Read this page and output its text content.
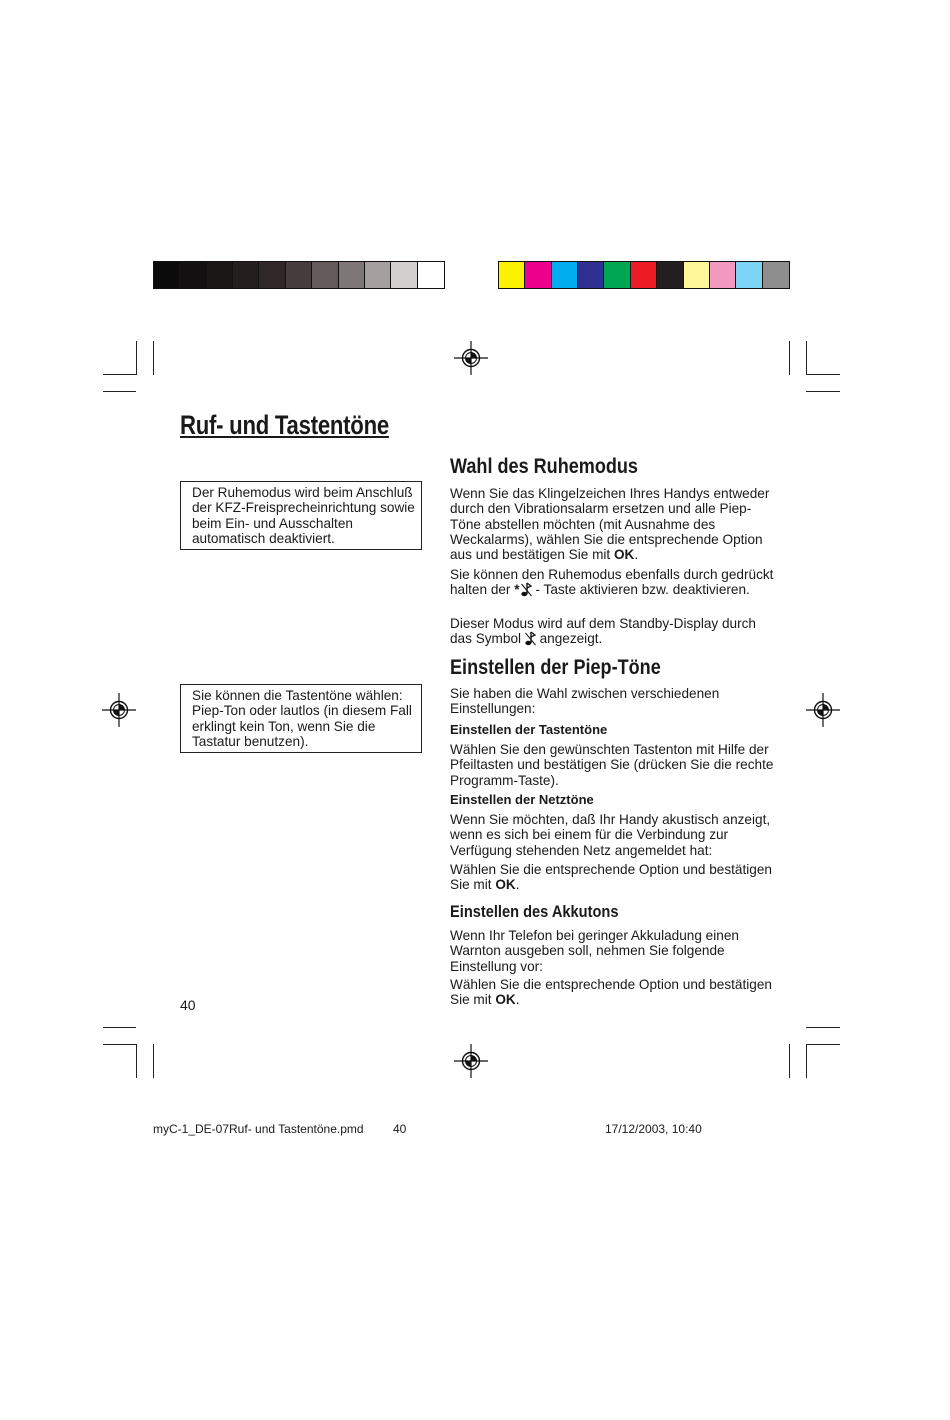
Ruf- und Tastentöne

Der Ruhemodus wird beim Anschluß der KFZ-Freisprecheinrichtung sowie beim Ein- und Ausschalten automatisch deaktiviert.

Sie können die Tastentöne wählen: Piep-Ton oder lautlos (in diesem Fall erklingt kein Ton, wenn Sie die Tastatur benutzen).

Wahl des Ruhemodus

Wenn Sie das Klingelzeichen Ihres Handys entweder durch den Vibrationsalarm ersetzen und alle Piep-Töne abstellen möchten (mit Ausnahme des Weckalarms), wählen Sie die entsprechende Option aus und bestätigen Sie mit OK.

Sie können den Ruhemodus ebenfalls durch gedrückt halten der *  - Taste aktivieren bzw. deaktivieren.

Dieser Modus wird auf dem Standby-Display durch das Symbol  angezeigt.

Einstellen der Piep-Töne

Sie haben die Wahl zwischen verschiedenen Einstellungen:

Einstellen der Tastentöne

Wählen Sie den gewünschten Tastenton mit Hilfe der Pfeiltasten und bestätigen Sie (drücken Sie die rechte Programm-Taste).

Einstellen der Netztöne

Wenn Sie möchten, daß Ihr Handy akustisch anzeigt, wenn es sich bei einem für die Verbindung zur Verfügung stehenden Netz angemeldet hat:

Wählen Sie die entsprechende Option und bestätigen Sie mit OK.

Einstellen des Akkutons

Wenn Ihr Telefon bei geringer Akkuladung einen Warnton ausgeben soll, nehmen Sie folgende Einstellung vor:

Wählen Sie die entsprechende Option und bestätigen Sie mit OK.

40

myC-1_DE-07Ruf- und Tastentöne.pmd 40	17/12/2003, 10:40
